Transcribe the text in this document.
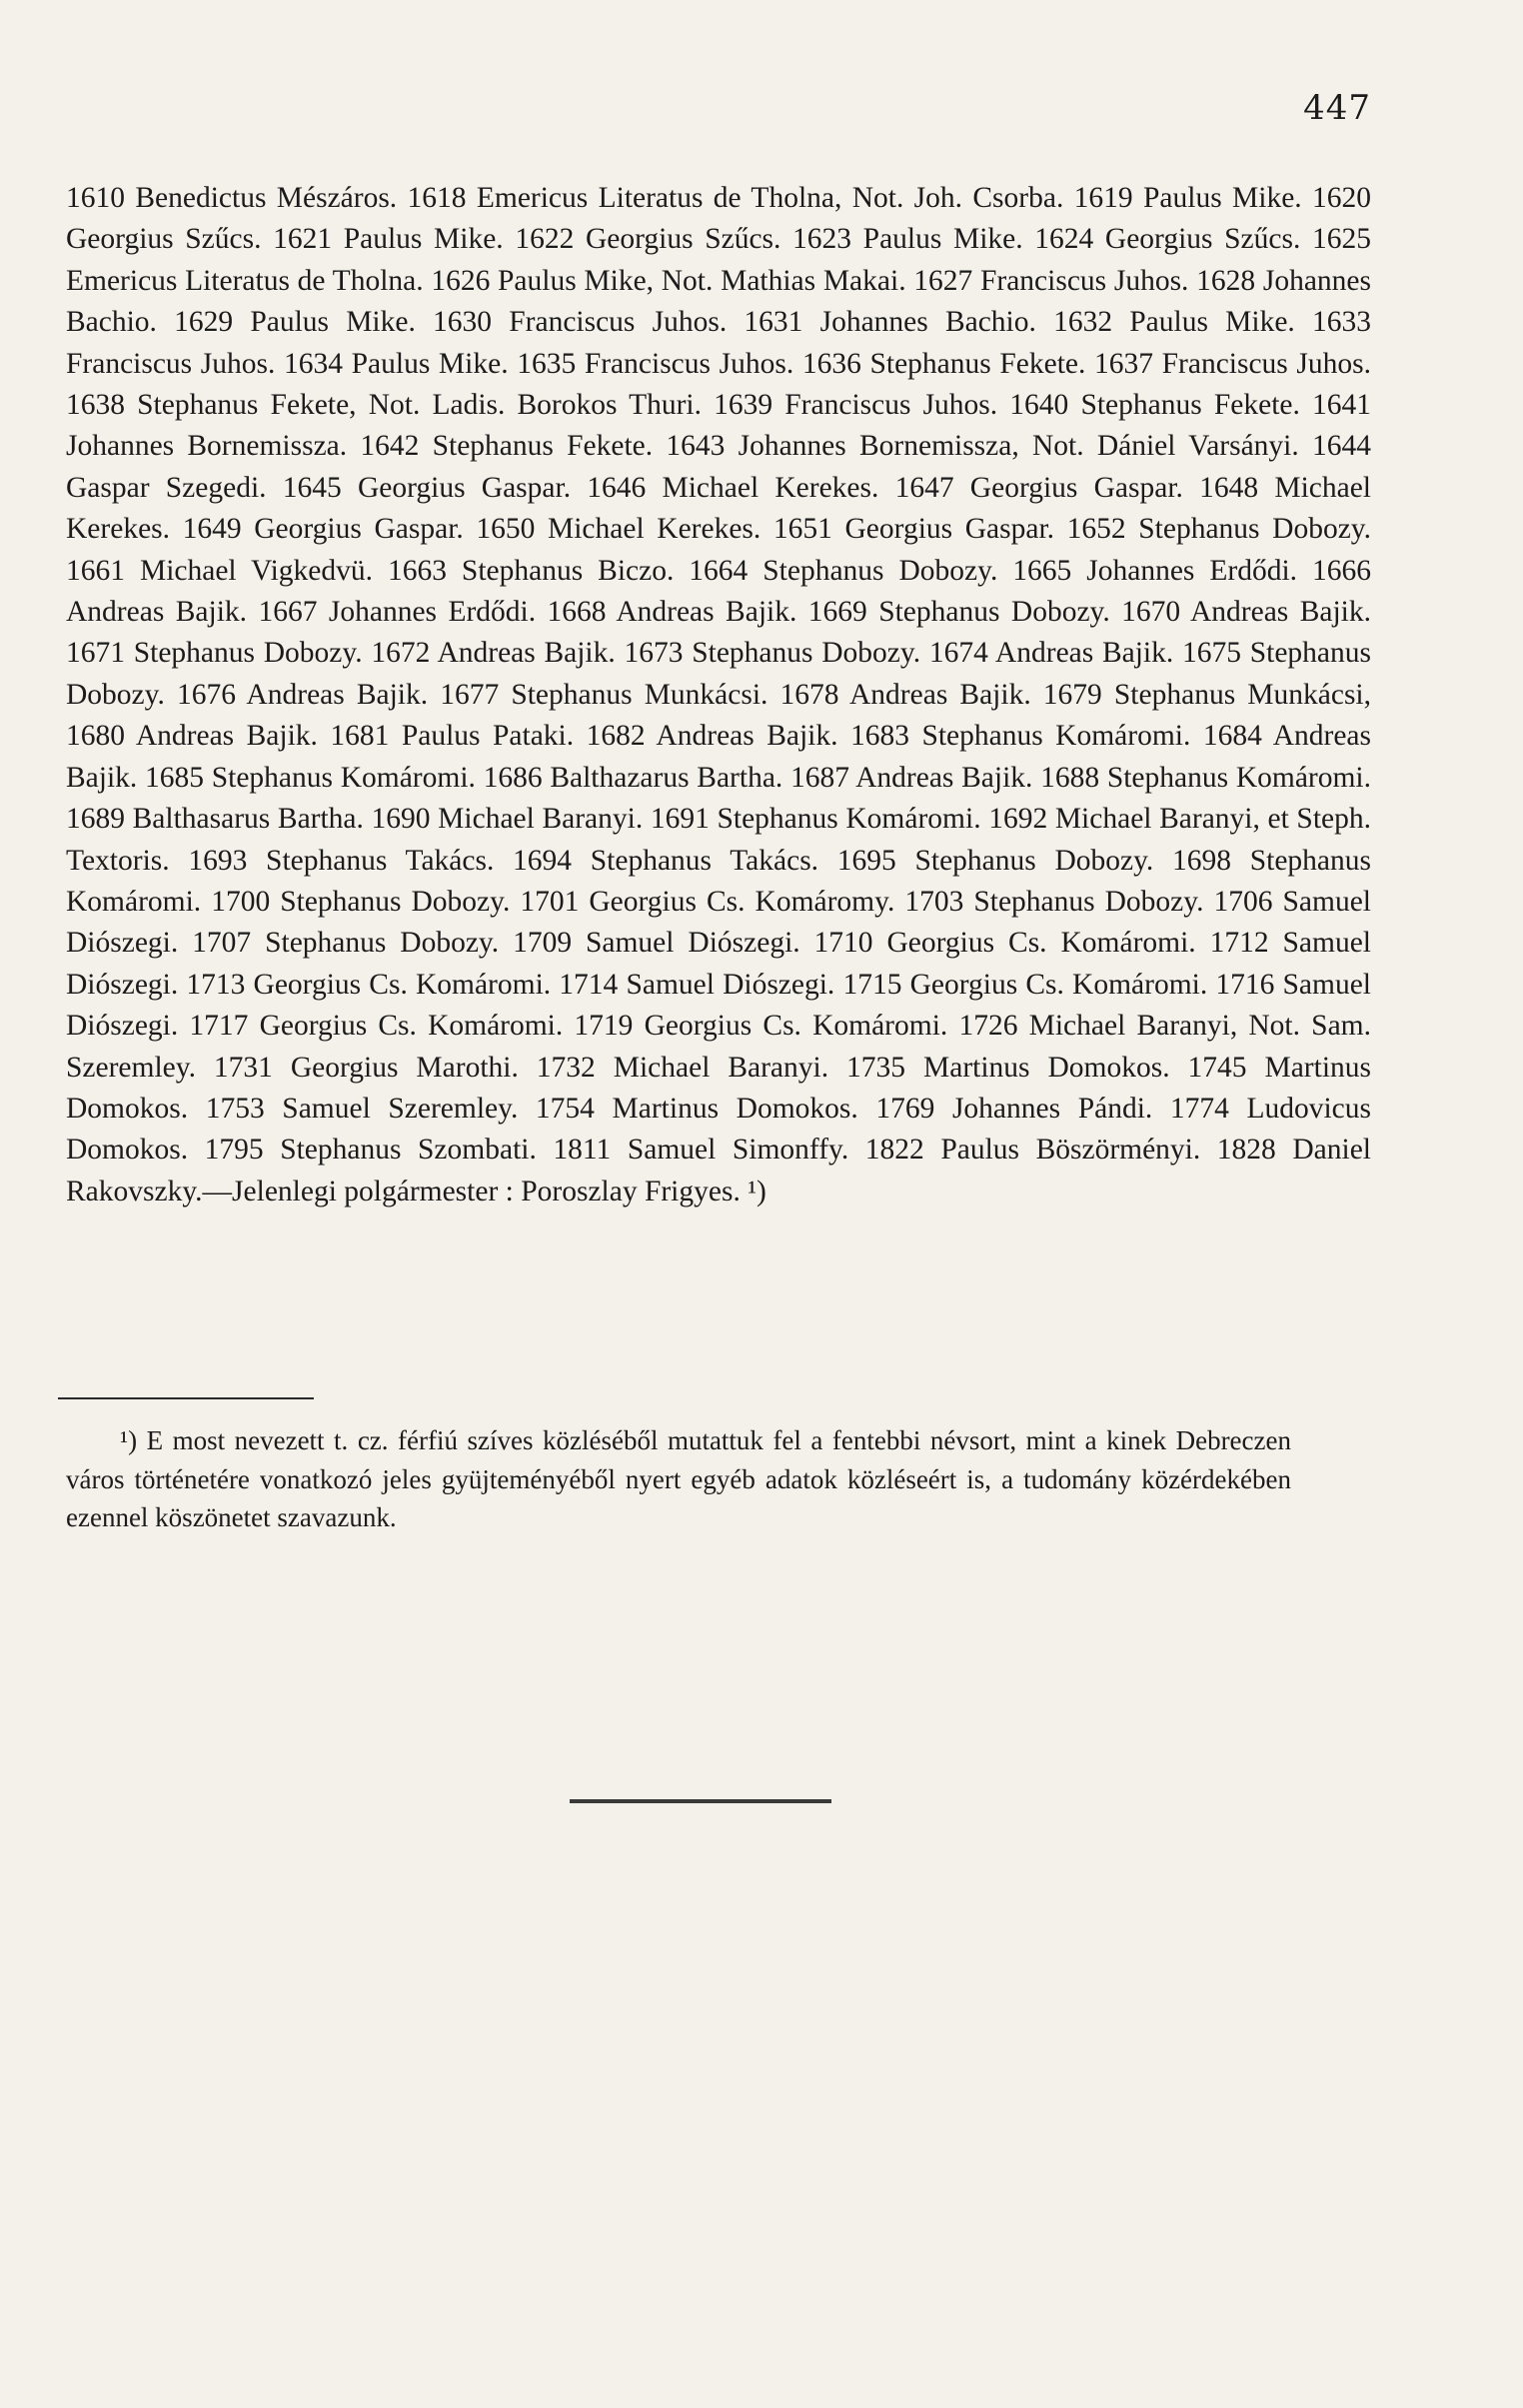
447

1610 Benedictus Mészáros. 1618 Emericus Literatus de Tholna, Not. Joh. Csorba. 1619 Paulus Mike. 1620 Georgius Szűcs. 1621 Paulus Mike. 1622 Georgius Szűcs. 1623 Paulus Mike. 1624 Georgius Szűcs. 1625 Emericus Literatus de Tholna. 1626 Paulus Mike, Not. Mathias Makai. 1627 Franciscus Juhos. 1628 Johannes Bachio. 1629 Paulus Mike. 1630 Franciscus Juhos. 1631 Johannes Bachio. 1632 Paulus Mike. 1633 Franciscus Juhos. 1634 Paulus Mike. 1635 Franciscus Juhos. 1636 Stephanus Fekete. 1637 Franciscus Juhos. 1638 Stephanus Fekete, Not. Ladis. Borokos Thuri. 1639 Franciscus Juhos. 1640 Stephanus Fekete. 1641 Johannes Bornemissza. 1642 Stephanus Fekete. 1643 Johannes Bornemissza, Not. Dániel Varsányi. 1644 Gaspar Szegedi. 1645 Georgius Gaspar. 1646 Michael Kerekes. 1647 Georgius Gaspar. 1648 Michael Kerekes. 1649 Georgius Gaspar. 1650 Michael Kerekes. 1651 Georgius Gaspar. 1652 Stephanus Dobozy. 1661 Michael Vigkedvü. 1663 Stephanus Biczo. 1664 Stephanus Dobozy. 1665 Johannes Erdődi. 1666 Andreas Bajik. 1667 Johannes Erdődi. 1668 Andreas Bajik. 1669 Stephanus Dobozy. 1670 Andreas Bajik. 1671 Stephanus Dobozy. 1672 Andreas Bajik. 1673 Stephanus Dobozy. 1674 Andreas Bajik. 1675 Stephanus Dobozy. 1676 Andreas Bajik. 1677 Stephanus Munkácsi. 1678 Andreas Bajik. 1679 Stephanus Munkácsi, 1680 Andreas Bajik. 1681 Paulus Pataki. 1682 Andreas Bajik. 1683 Stephanus Komáromi. 1684 Andreas Bajik. 1685 Stephanus Komáromi. 1686 Balthazarus Bartha. 1687 Andreas Bajik. 1688 Stephanus Komáromi. 1689 Balthasarus Bartha. 1690 Michael Baranyi. 1691 Stephanus Komáromi. 1692 Michael Baranyi, et Steph. Textoris. 1693 Stephanus Takács. 1694 Stephanus Takács. 1695 Stephanus Dobozy. 1698 Stephanus Komáromi. 1700 Stephanus Dobozy. 1701 Georgius Cs. Komáromy. 1703 Stephanus Dobozy. 1706 Samuel Diószegi. 1707 Stephanus Dobozy. 1709 Samuel Diószegi. 1710 Georgius Cs. Komáromi. 1712 Samuel Diószegi. 1713 Georgius Cs. Komáromi. 1714 Samuel Diószegi. 1715 Georgius Cs. Komáromi. 1716 Samuel Diószegi. 1717 Georgius Cs. Komáromi. 1719 Georgius Cs. Komáromi. 1726 Michael Baranyi, Not. Sam. Szeremley. 1731 Georgius Marothi. 1732 Michael Baranyi. 1735 Martinus Domokos. 1745 Martinus Domokos. 1753 Samuel Szeremley. 1754 Martinus Domokos. 1769 Johannes Pándi. 1774 Ludovicus Domokos. 1795 Stephanus Szombati. 1811 Samuel Simonffy. 1822 Paulus Böszörményi. 1828 Daniel Rakovszky.—Jelenlegi polgármester : Poroszlay Frigyes. ¹)

¹) E most nevezett t. cz. férfiú szíves közléséből mutattuk fel a fentebbi névsort, mint a kinek Debreczen város történetére vonatkozó jeles gyüjteményéből nyert egyéb adatok közléseért is, a tudomány közérdekében ezennel köszönetet szavazunk.
